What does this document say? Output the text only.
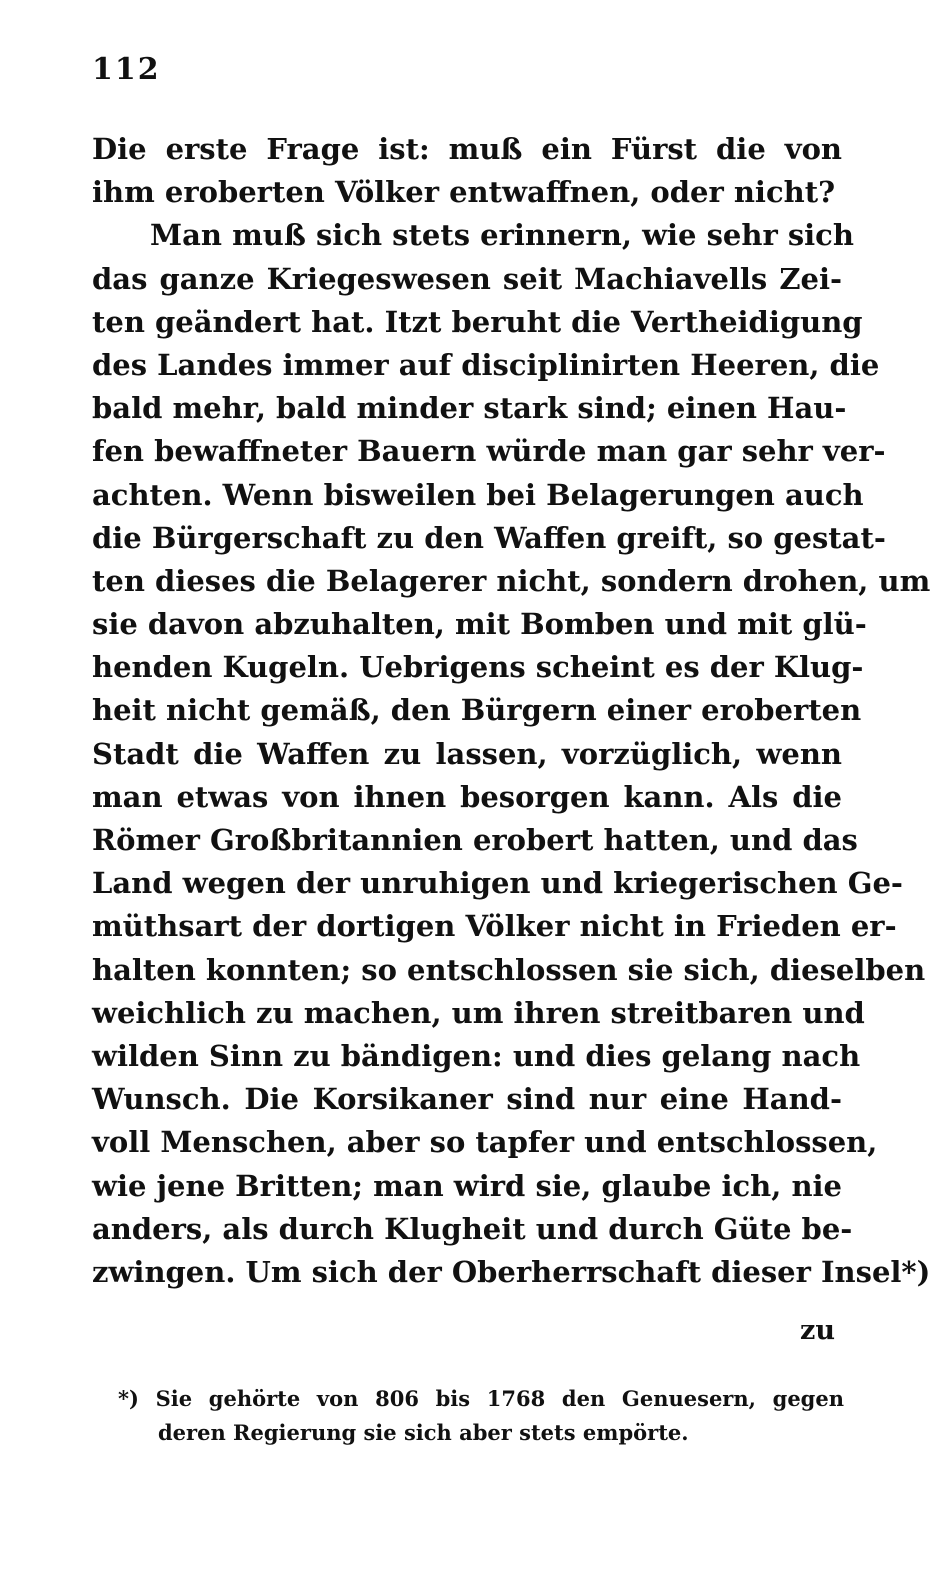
112
Die erste Frage ist: muß ein Fürst die von
ihm eroberten Völker entwaffnen, oder nicht?
Man muß sich stets erinnern, wie sehr sich
das ganze Kriegeswesen seit Machiavells Zei-
ten geändert hat. Itzt beruht die Vertheidigung
des Landes immer auf disciplinirten Heeren, die
bald mehr, bald minder stark sind; einen Hau-
fen bewaffneter Bauern würde man gar sehr ver-
achten. Wenn bisweilen bei Belagerungen auch
die Bürgerschaft zu den Waffen greift, so gestat-
ten dieses die Belagerer nicht, sondern drohen, um
sie davon abzuhalten, mit Bomben und mit glü-
henden Kugeln. Uebrigens scheint es der Klug-
heit nicht gemäß, den Bürgern einer eroberten
Stadt die Waffen zu lassen, vorzüglich, wenn
man etwas von ihnen besorgen kann. Als die
Römer Großbritannien erobert hatten, und das
Land wegen der unruhigen und kriegerischen Ge-
müthsart der dortigen Völker nicht in Frieden er-
halten konnten; so entschlossen sie sich, dieselben
weichlich zu machen, um ihren streitbaren und
wilden Sinn zu bändigen: und dies gelang nach
Wunsch. Die Korsikaner sind nur eine Hand-
voll Menschen, aber so tapfer und entschlossen,
wie jene Britten; man wird sie, glaube ich, nie
anders, als durch Klugheit und durch Güte be-
zwingen. Um sich der Oberherrschaft dieser Insel*)
zu
*) Sie gehörte von 806 bis 1768 den Genuesern, gegen
deren Regierung sie sich aber stets empörte.
